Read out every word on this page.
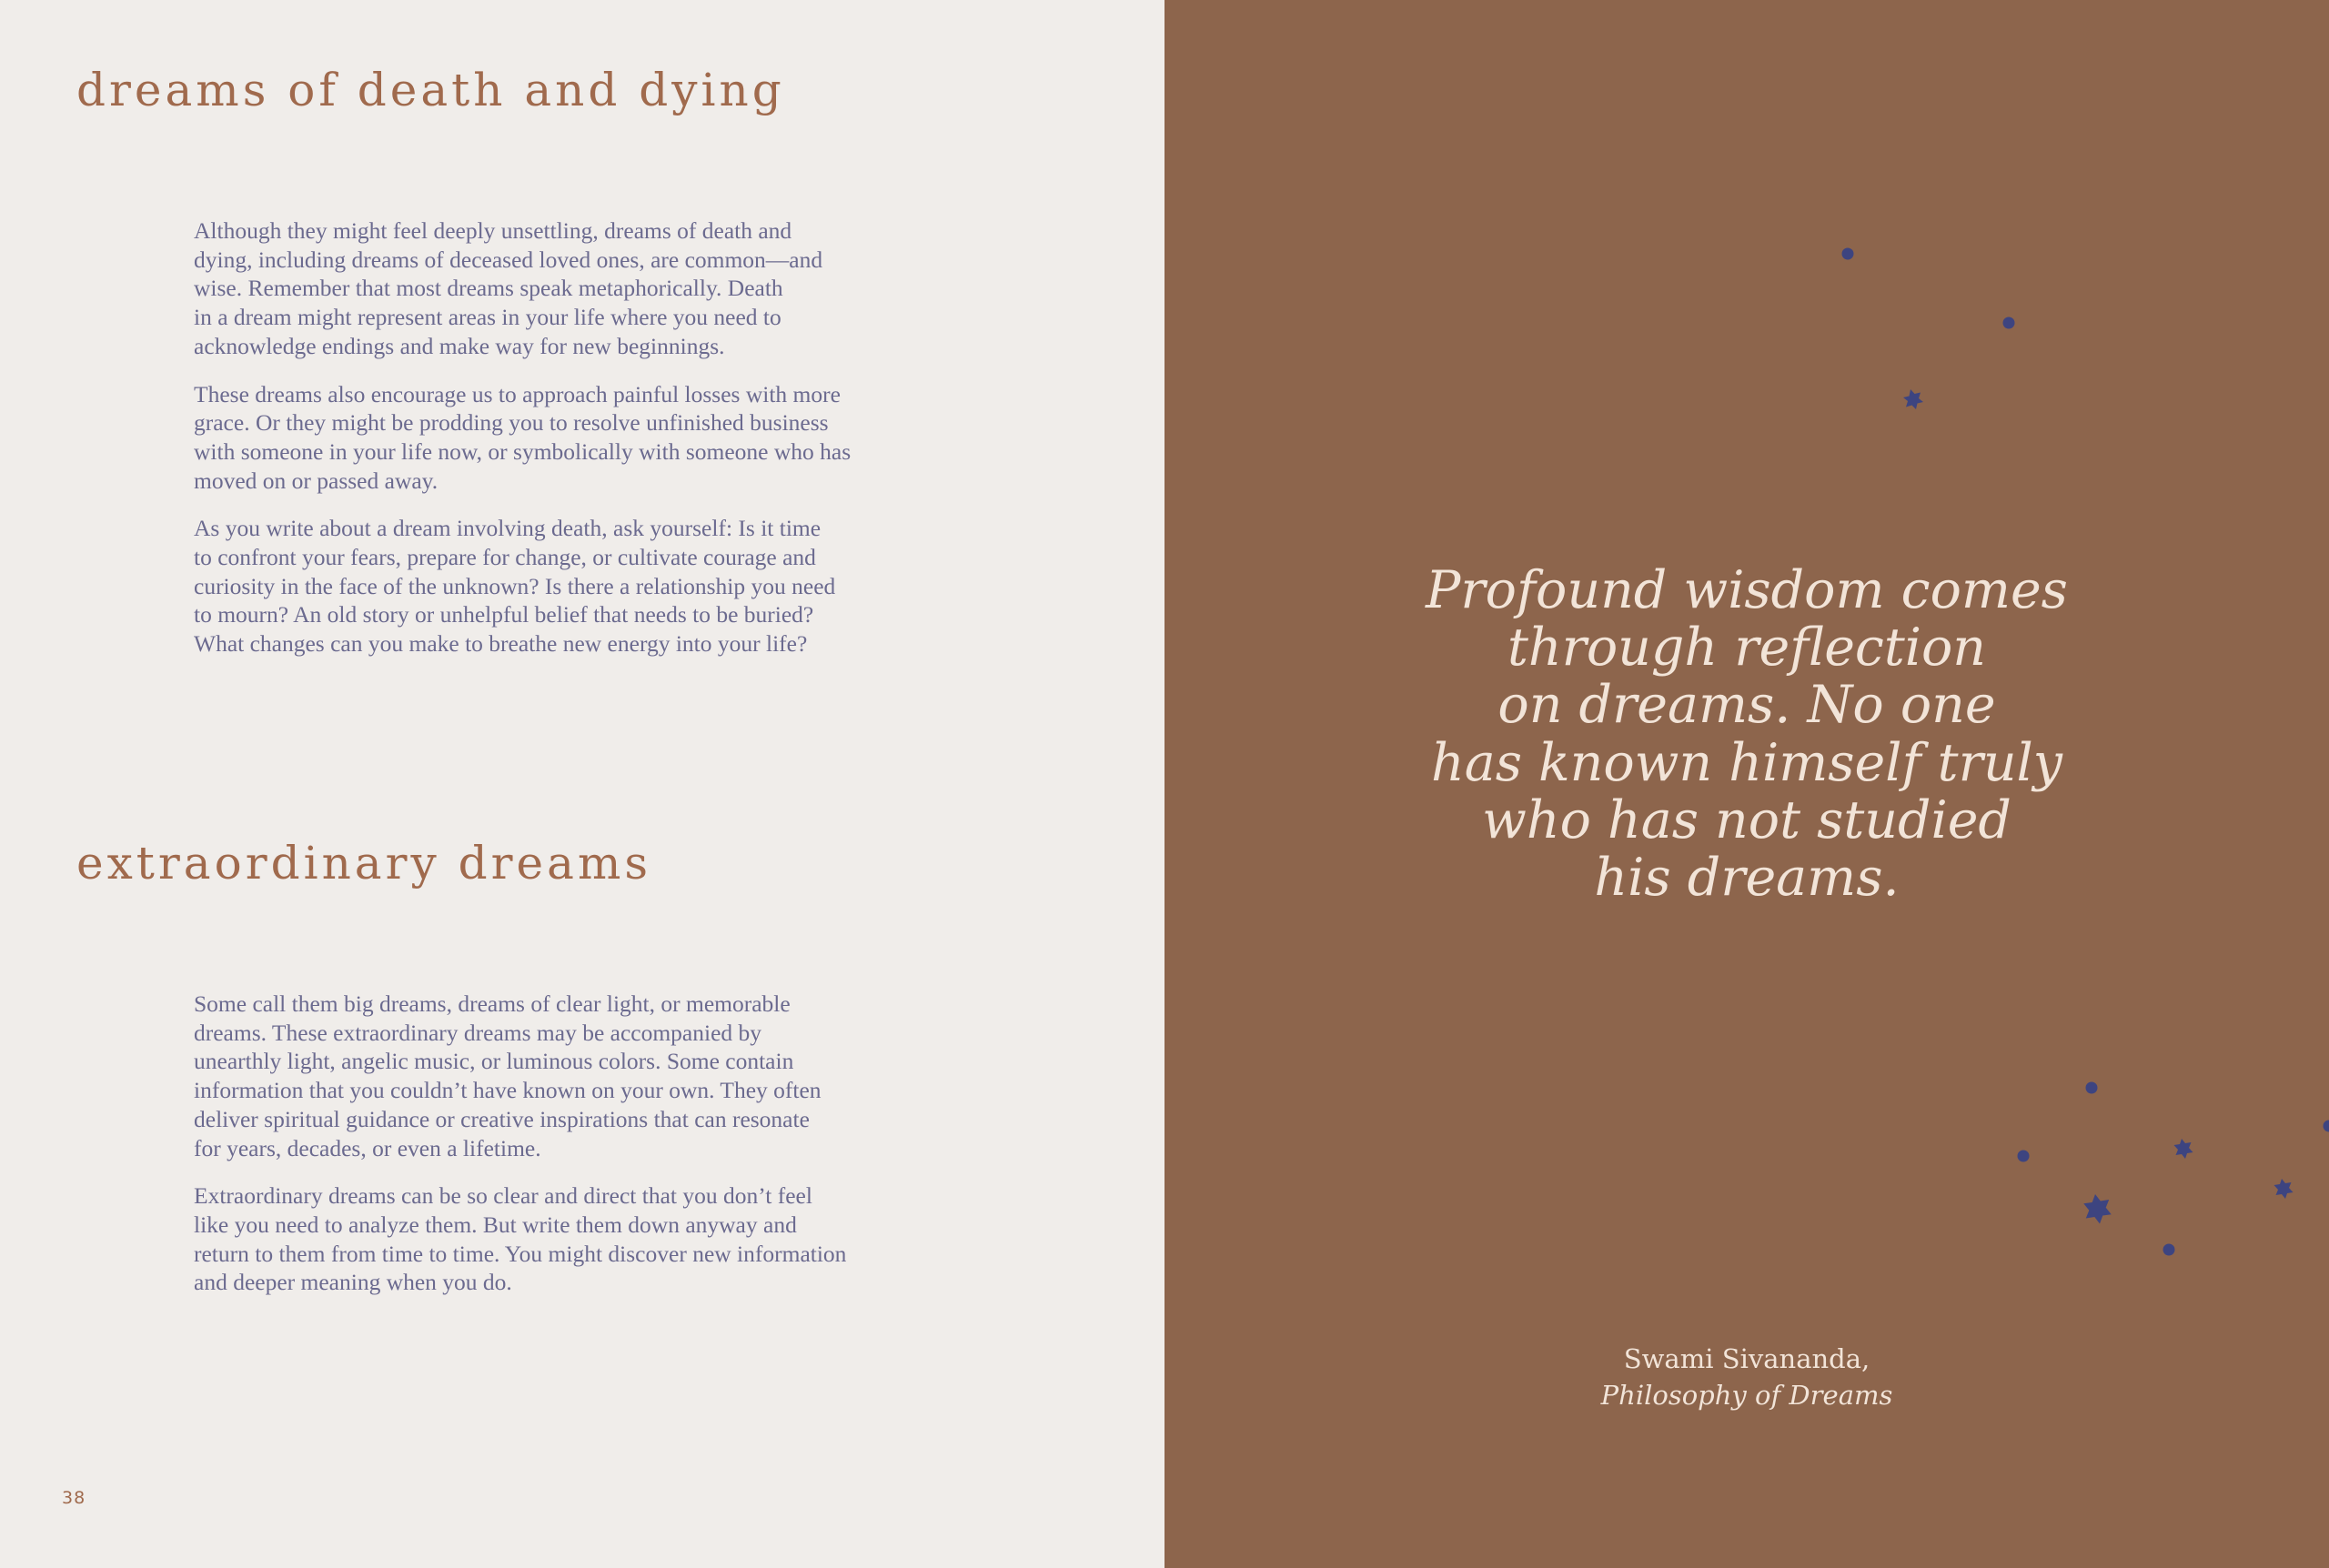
dreams of death and dying

Although they might feel deeply unsettling, dreams of death and
dying, including dreams of deceased loved ones, are common—and
wise. Remember that most dreams speak metaphorically. Death
in a dream might represent areas in your life where you need to
acknowledge endings and make way for new beginnings.

These dreams also encourage us to approach painful losses with more
grace. Or they might be prodding you to resolve unfinished business
with someone in your life now, or symbolically with someone who has
moved on or passed away.

As you write about a dream involving death, ask yourself: Is it time
to confront your fears, prepare for change, or cultivate courage and
curiosity in the face of the unknown? Is there a relationship you need
to mourn? An old story or unhelpful belief that needs to be buried?
What changes can you make to breathe new energy into your life?

extraordinary dreams

Some call them big dreams, dreams of clear light, or memorable
dreams. These extraordinary dreams may be accompanied by
unearthly light, angelic music, or luminous colors. Some contain
information that you couldn’t have known on your own. They often
deliver spiritual guidance or creative inspirations that can resonate
for years, decades, or even a lifetime.

Extraordinary dreams can be so clear and direct that you don’t feel
like you need to analyze them. But write them down anyway and
return to them from time to time. You might discover new information
and deeper meaning when you do.

38

Profound wisdom comes
through reflection
on dreams. No one
has known himself truly
who has not studied
his dreams.

Swami Sivananda,
Philosophy of Dreams
